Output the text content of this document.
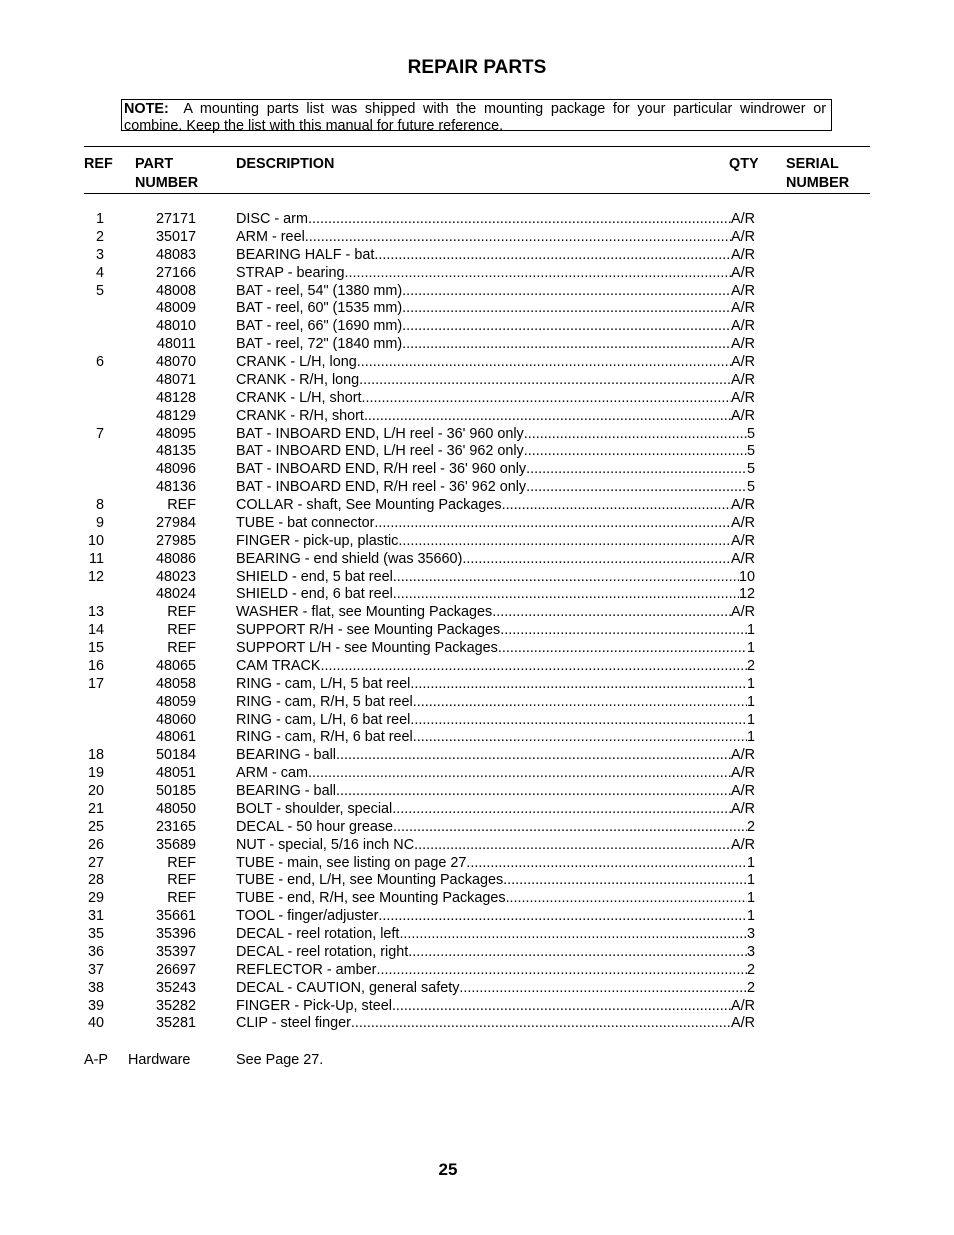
REPAIR PARTS
NOTE: A mounting parts list was shipped with the mounting package for your particular windrower or combine. Keep the list with this manual for future reference.
REF PART
NUMBER
DESCRIPTION	QTY SERIAL
NUMBER
1	27171	DISC - arm .....	A/R
2	35017	ARM - reel .....	A/R
3	48083	BEARING HALF - bat .....	A/R
4	27166	STRAP - bearing .....	A/R
5	48008	BAT - reel, 54" (1380 mm) .....	A/R
48009	BAT - reel, 60" (1535 mm) .....	A/R
48010	BAT - reel, 66" (1690 mm) .....	A/R
48011	BAT - reel, 72" (1840 mm) .....	A/R
6	48070	CRANK - L/H, long .....	A/R
48071	CRANK - R/H, long .....	A/R
48128	CRANK - L/H, short .....	A/R
48129	CRANK - R/H, short .....	A/R
7	48095	BAT - INBOARD END, L/H reel - 36' 960 only .....	5
48135	BAT - INBOARD END, L/H reel - 36' 962 only .....	5
48096	BAT - INBOARD END, R/H reel - 36' 960 only .....	5
48136	BAT - INBOARD END, R/H reel - 36' 962 only .....	5
8	REF	COLLAR - shaft, See Mounting Packages .....	A/R
9	27984	TUBE - bat connector .....	A/R
10	27985	FINGER - pick-up, plastic .....	A/R
11	48086	BEARING - end shield (was 35660) .....	A/R
12	48023	SHIELD - end, 5 bat reel .....	10
48024	SHIELD - end, 6 bat reel .....	12
13	REF	WASHER - flat, see Mounting Packages .....	A/R
14	REF	SUPPORT R/H - see Mounting Packages .....	1
15	REF	SUPPORT L/H - see Mounting Packages .....	1
16	48065	CAM TRACK .....	2
17	48058	RING - cam, L/H, 5 bat reel .....	1
48059	RING - cam, R/H, 5 bat reel .....	1
48060	RING - cam, L/H, 6 bat reel .....	1
48061	RING - cam, R/H, 6 bat reel .....	1
18	50184	BEARING - ball .....	A/R
19	48051	ARM - cam .....	A/R
20	50185	BEARING - ball .....	A/R
21	48050	BOLT - shoulder, special .....	A/R
25	23165	DECAL - 50 hour grease .....	2
26	35689	NUT - special, 5/16 inch NC .....	A/R
27	REF	TUBE - main, see listing on page 27 .....	1
28	REF	TUBE - end, L/H, see Mounting Packages .....	1
29	REF	TUBE - end, R/H, see Mounting Packages .....	1
31	35661	TOOL - finger/adjuster .....	1
35	35396	DECAL - reel rotation, left .....	3
36	35397	DECAL - reel rotation, right .....	3
37	26697	REFLECTOR - amber .....	2
38	35243	DECAL - CAUTION, general safety .....	2
39	35282	FINGER - Pick-Up, steel .....	A/R
40	35281	CLIP - steel finger .....	A/R
A-P Hardware	See Page 27.
25
